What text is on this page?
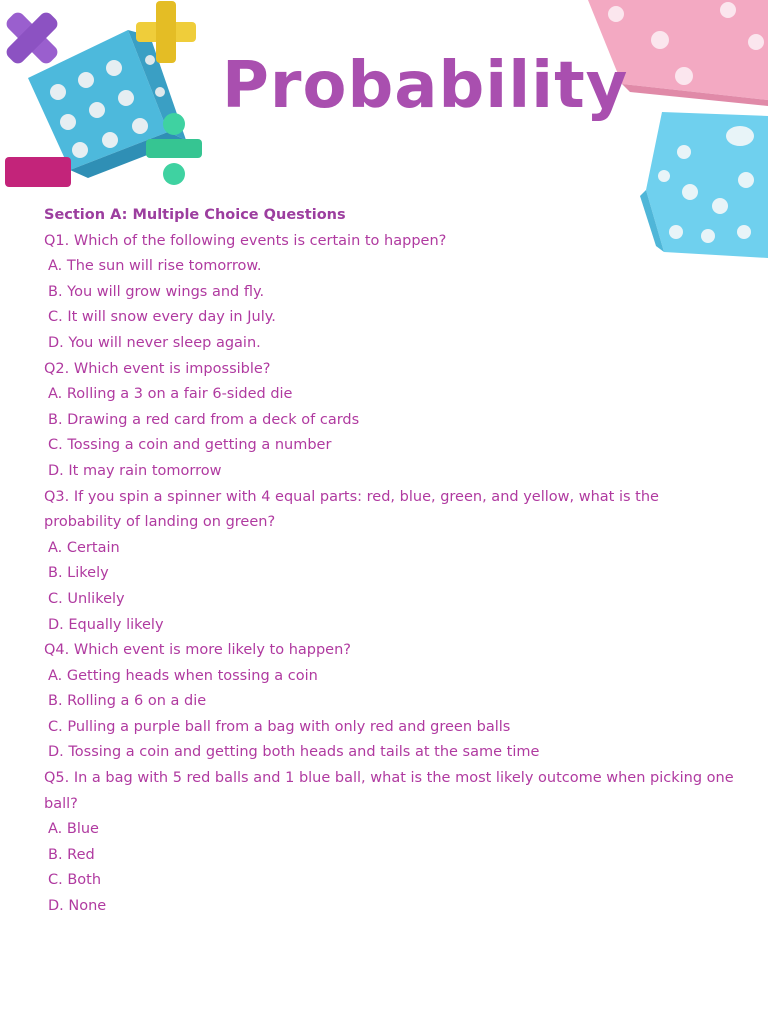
Probability
Section A: Multiple Choice Questions
Q1. Which of the following events is certain to happen?
A. The sun will rise tomorrow.
B. You will grow wings and fly.
C. It will snow every day in July.
D. You will never sleep again.
Q2. Which event is impossible?
A. Rolling a 3 on a fair 6-sided die
B. Drawing a red card from a deck of cards
C. Tossing a coin and getting a number
D. It may rain tomorrow
Q3. If you spin a spinner with 4 equal parts: red, blue, green, and yellow, what is the probability of landing on green?
A. Certain
B. Likely
C. Unlikely
D. Equally likely
Q4. Which event is more likely to happen?
A. Getting heads when tossing a coin
B. Rolling a 6 on a die
C. Pulling a purple ball from a bag with only red and green balls
D. Tossing a coin and getting both heads and tails at the same time
Q5. In a bag with 5 red balls and 1 blue ball, what is the most likely outcome when picking one ball?
A. Blue
B. Red
C. Both
D. None
